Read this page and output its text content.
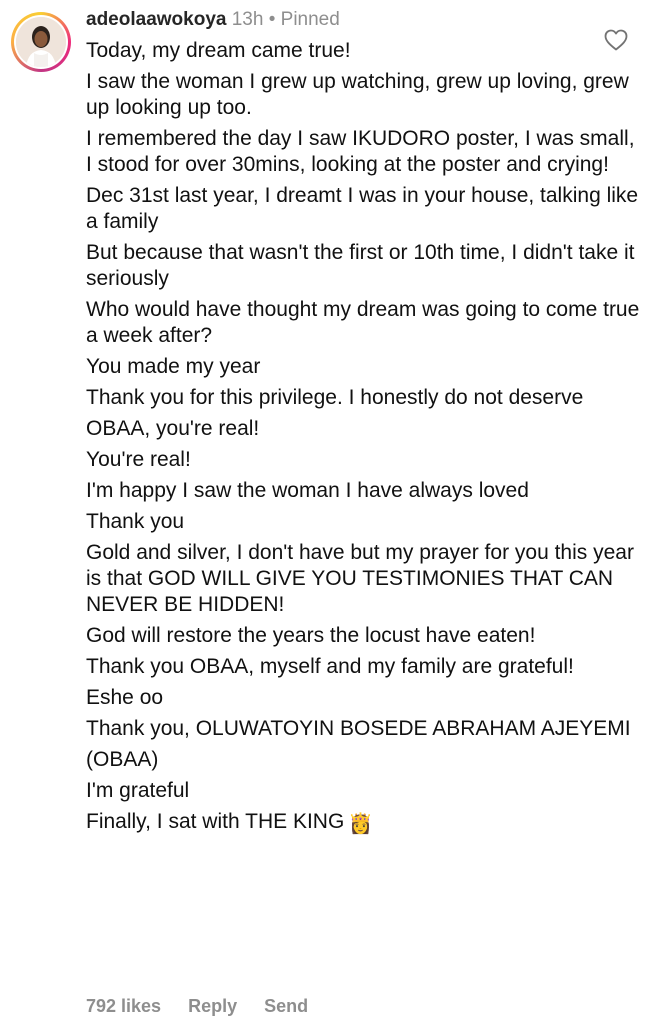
adeolaawokoya 13h • Pinned
Today, my dream came true!
I saw the woman I grew up watching, grew up loving, grew up looking up too.
I remembered the day I saw IKUDORO poster, I was small, I stood for over 30mins, looking at the poster and crying!
Dec 31st last year, I dreamt I was in your house, talking like a family
But because that wasn't the first or 10th time, I didn't take it seriously
Who would have thought my dream was going to come true a week after?
You made my year
Thank you for this privilege. I honestly do not deserve
OBAA, you're real!
You're real!
I'm happy I saw the woman I have always loved
Thank you
Gold and silver, I don't have but my prayer for you this year is that GOD WILL GIVE YOU TESTIMONIES THAT CAN NEVER BE HIDDEN!
God will restore the years the locust have eaten!
Thank you OBAA, myself and my family are grateful!
Eshe oo
Thank you, OLUWATOYIN BOSEDE ABRAHAM AJEYEMI
(OBAA)
I'm grateful
Finally, I sat with THE KING 👸
792 likes Reply Send
